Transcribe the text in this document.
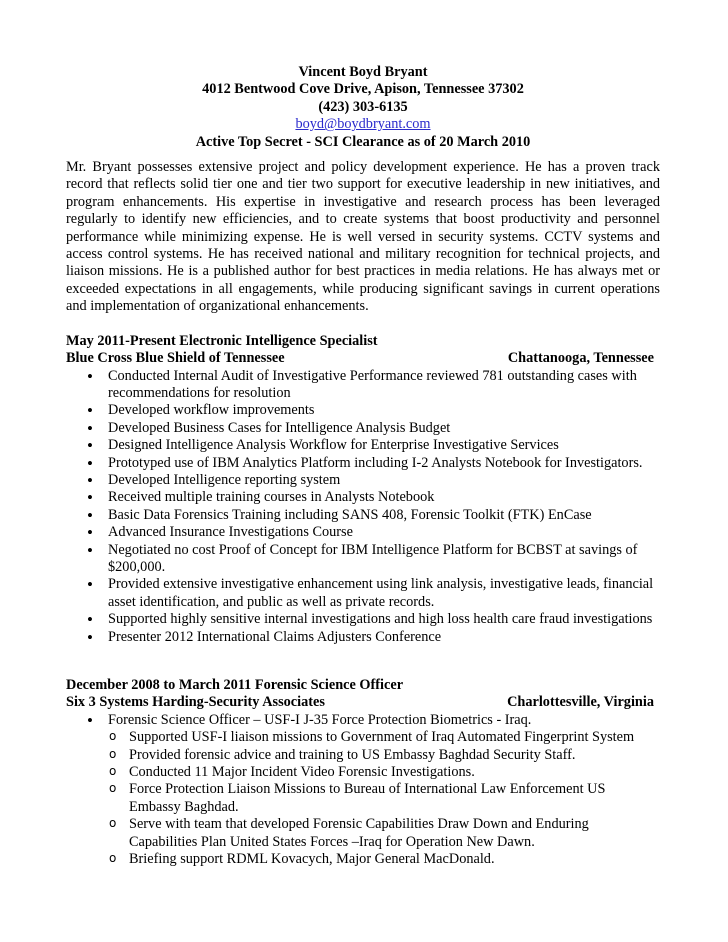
Vincent Boyd Bryant
4012 Bentwood Cove Drive, Apison, Tennessee 37302
(423) 303-6135
boyd@boydbryant.com
Active Top Secret - SCI Clearance as of 20 March 2010
Mr. Bryant possesses extensive project and policy development experience. He has a proven track record that reflects solid tier one and tier two support for executive leadership in new initiatives, and program enhancements. His expertise in investigative and research process has been leveraged regularly to identify new efficiencies, and to create systems that boost productivity and personnel performance while minimizing expense. He is well versed in security systems. CCTV systems and access control systems. He has received national and military recognition for technical projects, and liaison missions. He is a published author for best practices in media relations. He has always met or exceeded expectations in all engagements, while producing significant savings in current operations and implementation of organizational enhancements.
May 2011-Present Electronic Intelligence Specialist
Blue Cross Blue Shield of Tennessee	Chattanooga, Tennessee
• Conducted Internal Audit of Investigative Performance reviewed 781 outstanding cases with recommendations for resolution
• Developed workflow improvements
• Developed Business Cases for Intelligence Analysis Budget
• Designed Intelligence Analysis Workflow for Enterprise Investigative Services
• Prototyped use of IBM Analytics Platform including I-2 Analysts Notebook for Investigators.
• Developed Intelligence reporting system
• Received multiple training courses in Analysts Notebook
• Basic Data Forensics Training including SANS 408, Forensic Toolkit (FTK) EnCase
• Advanced Insurance Investigations Course
• Negotiated no cost Proof of Concept for IBM Intelligence Platform for BCBST at savings of $200,000.
• Provided extensive investigative enhancement using link analysis, investigative leads, financial asset identification, and public as well as private records.
• Supported highly sensitive internal investigations and high loss health care fraud investigations
• Presenter 2012 International Claims Adjusters Conference
December 2008 to March 2011 Forensic Science Officer
Six 3 Systems Harding-Security Associates	Charlottesville, Virginia
• Forensic Science Officer – USF-I J-35 Force Protection Biometrics - Iraq.
o Supported USF-I liaison missions to Government of Iraq Automated Fingerprint System
o Provided forensic advice and training to US Embassy Baghdad Security Staff.
o Conducted 11 Major Incident Video Forensic Investigations.
o Force Protection Liaison Missions to Bureau of International Law Enforcement US Embassy Baghdad.
o Serve with team that developed Forensic Capabilities Draw Down and Enduring Capabilities Plan United States Forces –Iraq for Operation New Dawn.
o Briefing support RDML Kovacych, Major General MacDonald.
